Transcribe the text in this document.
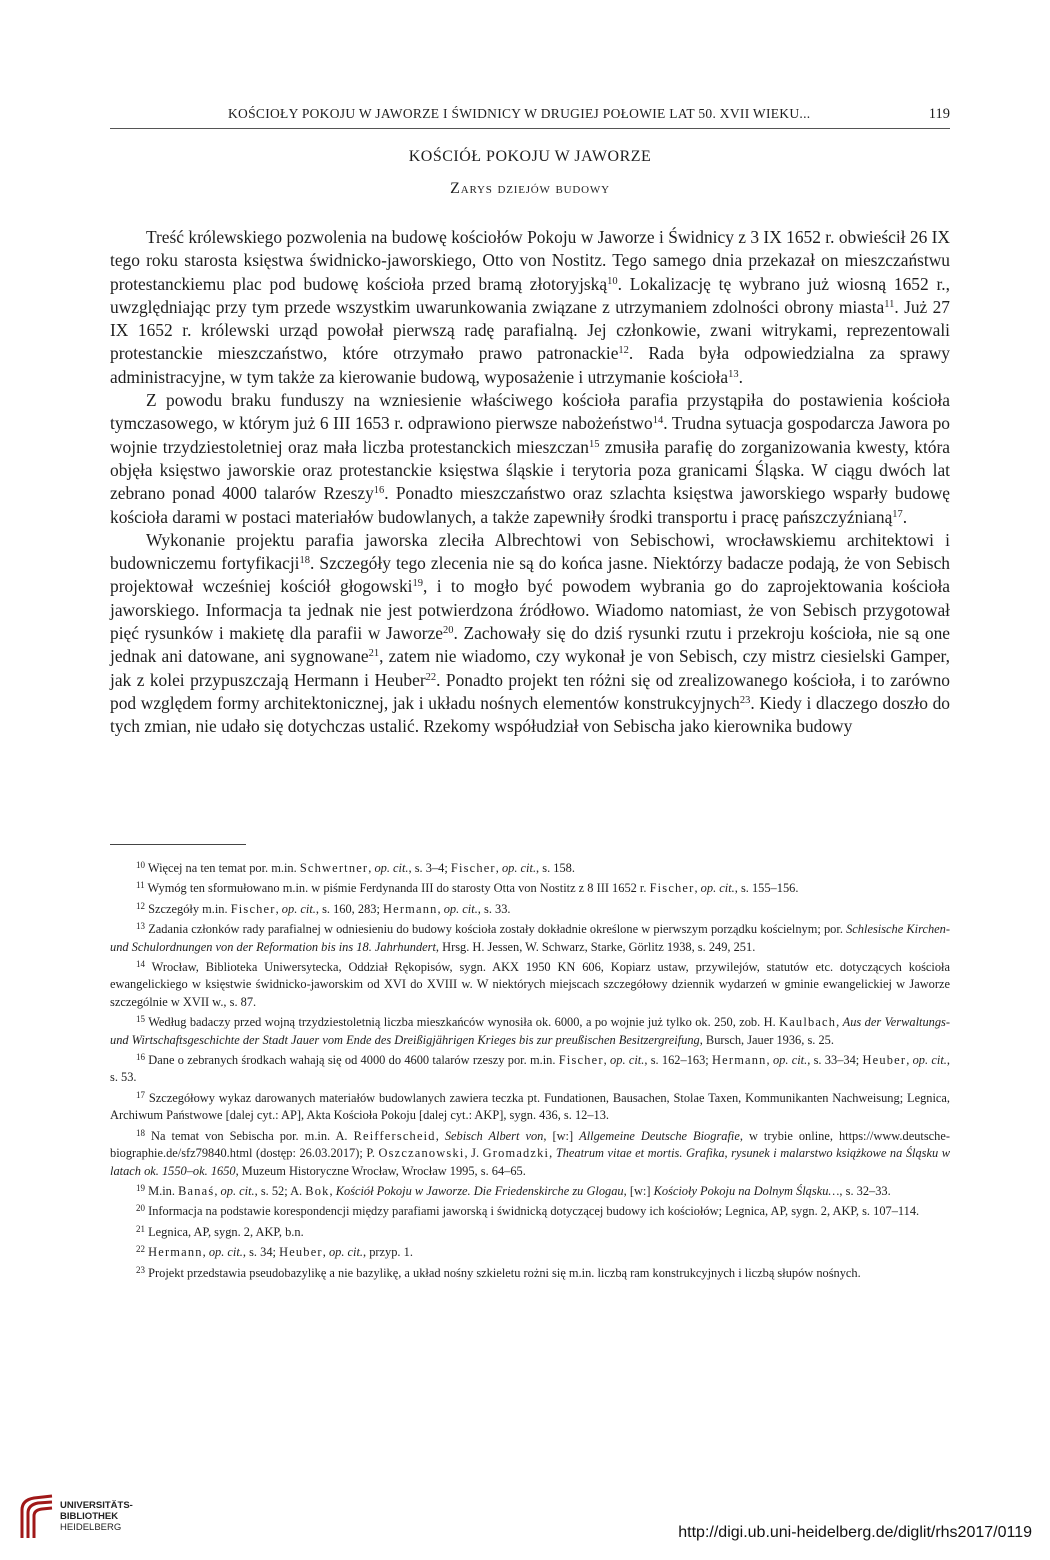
KOŚCIOŁY POKOJU W JAWORZE I ŚWIDNICY W DRUGIEJ POŁOWIE LAT 50. XVII WIEKU...	119
KOŚCIÓŁ POKOJU W JAWORZE
Zarys dziejów budowy

Treść królewskiego pozwolenia na budowę kościołów Pokoju w Jaworze i Świdnicy z 3 IX 1652 r. obwieścił 26 IX tego roku starosta księstwa świdnicko-jaworskiego, Otto von Nostitz. Tego samego dnia przekazał on mieszczaństwu protestanckiemu plac pod budowę kościoła przed bramą złotoryjską$^{10}$. Lokalizację tę wybrano już wiosną 1652 r., uwzględniając przy tym przede wszystkim uwarunkowania związane z utrzymaniem zdolności obrony miasta$^{11}$. Już 27 IX 1652 r. królewski urząd powołał pierwszą radę parafialną. Jej członkowie, zwani witrykami, reprezentowali protestanckie mieszczaństwo, które otrzymało prawo patronackie$^{12}$. Rada była odpowiedzialna za sprawy administracyjne, w tym także za kierowanie budową, wyposażenie i utrzymanie kościoła$^{13}$.

Z powodu braku funduszy na wzniesienie właściwego kościoła parafia przystąpiła do postawienia kościoła tymczasowego, w którym już 6 III 1653 r. odprawiono pierwsze nabożeństwo$^{14}$. Trudna sytuacja gospodarcza Jawora po wojnie trzydziestoletniej oraz mała liczba protestanckich mieszczan$^{15}$ zmusiła parafię do zorganizowania kwesty, która objęła księstwo jaworskie oraz protestanckie księstwa śląskie i terytoria poza granicami Śląska. W ciągu dwóch lat zebrano ponad 4000 talarów Rzeszy$^{16}$. Ponadto mieszczaństwo oraz szlachta księstwa jaworskiego wsparły budowę kościoła darami w postaci materiałów budowlanych, a także zapewniły środki transportu i pracę pańszczyźnianą$^{17}$.

Wykonanie projektu parafia jaworska zleciła Albrechtowi von Sebischowi, wrocławskiemu architektowi i budowniczemu fortyfikacji$^{18}$. Szczegóły tego zlecenia nie są do końca jasne. Niektórzy badacze podają, że von Sebisch projektował wcześniej kościół głogowski$^{19}$, i to mogło być powodem wybrania go do zaprojektowania kościoła jaworskiego. Informacja ta jednak nie jest potwierdzona źródłowo. Wiadomo natomiast, że von Sebisch przygotował pięć rysunków i makietę dla parafii w Jaworze$^{20}$. Zachowały się do dziś rysunki rzutu i przekroju kościoła, nie są one jednak ani datowane, ani sygnowane$^{21}$, zatem nie wiadomo, czy wykonał je von Sebisch, czy mistrz ciesielski Gamper, jak z kolei przypuszczają Hermann i Heuber$^{22}$. Ponadto projekt ten różni się od zrealizowanego kościoła, i to zarówno pod względem formy architektonicznej, jak i układu nośnych elementów konstrukcyjnych$^{23}$. Kiedy i dlaczego doszło do tych zmian, nie udało się dotychczas ustalić. Rzekomy współudział von Sebischa jako kierownika budowy

$^{10}$ Więcej na ten temat por. m.in. Schwertner, op. cit., s. 3–4; Fischer, op. cit., s. 158.

$^{11}$ Wymóg ten sformułowano m.in. w piśmie Ferdynanda III do starosty Otta von Nostitz z 8 III 1652 r. Fischer, op. cit., s. 155–156.

$^{12}$ Szczegóły m.in. Fischer, op. cit., s. 160, 283; Hermann, op. cit., s. 33.

$^{13}$ Zadania członków rady parafialnej w odniesieniu do budowy kościoła zostały dokładnie określone w pierwszym porządku kościelnym; por. Schlesische Kirchen- und Schulordnungen von der Reformation bis ins 18. Jahrhundert, Hrsg. H. Jessen, W. Schwarz, Starke, Görlitz 1938, s. 249, 251.

$^{14}$ Wrocław, Biblioteka Uniwersytecka, Oddział Rękopisów, sygn. AKX 1950 KN 606, Kopiarz ustaw, przywilejów, statutów etc. dotyczących kościoła ewangelickiego w księstwie świdnicko-jaworskim od XVI do XVIII w. W niektórych miejscach szczegółowy dziennik wydarzeń w gminie ewangelickiej w Jaworze szczególnie w XVII w., s. 87.

$^{15}$ Według badaczy przed wojną trzydziestoletnią liczba mieszkańców wynosiła ok. 6000, a po wojnie już tylko ok. 250, zob. H. Kaulbach, Aus der Verwaltungs- und Wirtschaftsgeschichte der Stadt Jauer vom Ende des Dreißigjährigen Krieges bis zur preußischen Besitzergreifung, Bursch, Jauer 1936, s. 25.

$^{16}$ Dane o zebranych środkach wahają się od 4000 do 4600 talarów rzeszy por. m.in. Fischer, op. cit., s. 162–163; Hermann, op. cit., s. 33–34; Heuber, op. cit., s. 53.

$^{17}$ Szczegółowy wykaz darowanych materiałów budowlanych zawiera teczka pt. Fundationen, Bausachen, Stolae Taxen, Kommunikanten Nachweisung; Legnica, Archiwum Państwowe [dalej cyt.: AP], Akta Kościoła Pokoju [dalej cyt.: AKP], sygn. 436, s. 12–13.

$^{18}$ Na temat von Sebischa por. m.in. A. Reifferscheid, Sebisch Albert von, [w:] Allgemeine Deutsche Biografie, w trybie online, https://www.deutsche-biographie.de/sfz79840.html (dostęp: 26.03.2017); P. Oszczanowski, J. Gromadzki, Theatrum vitae et mortis. Grafika, rysunek i malarstwo książkowe na Śląsku w latach ok. 1550–ok. 1650, Muzeum Historyczne Wrocław, Wrocław 1995, s. 64–65.

$^{19}$ M.in. Banaś, op. cit., s. 52; A. Bok, Kościół Pokoju w Jaworze. Die Friedenskirche zu Glogau, [w:] Kościoły Pokoju na Dolnym Śląsku…, s. 32–33.

$^{20}$ Informacja na podstawie korespondencji między parafiami jaworską i świdnicką dotyczącej budowy ich kościołów; Legnica, AP, sygn. 2, AKP, s. 107–114.

$^{21}$ Legnica, AP, sygn. 2, AKP, b.n.

$^{22}$ Hermann, op. cit., s. 34; Heuber, op. cit., przyp. 1.

$^{23}$ Projekt przedstawia pseudobazylikę a nie bazylikę, a układ nośny szkieletu rożni się m.in. liczbą ram konstrukcyjnych i liczbą słupów nośnych.

UNIVERSITÄTS-
BIBLIOTHEK
HEIDELBERG	http://digi.ub.uni-heidelberg.de/diglit/rhs2017/0119
